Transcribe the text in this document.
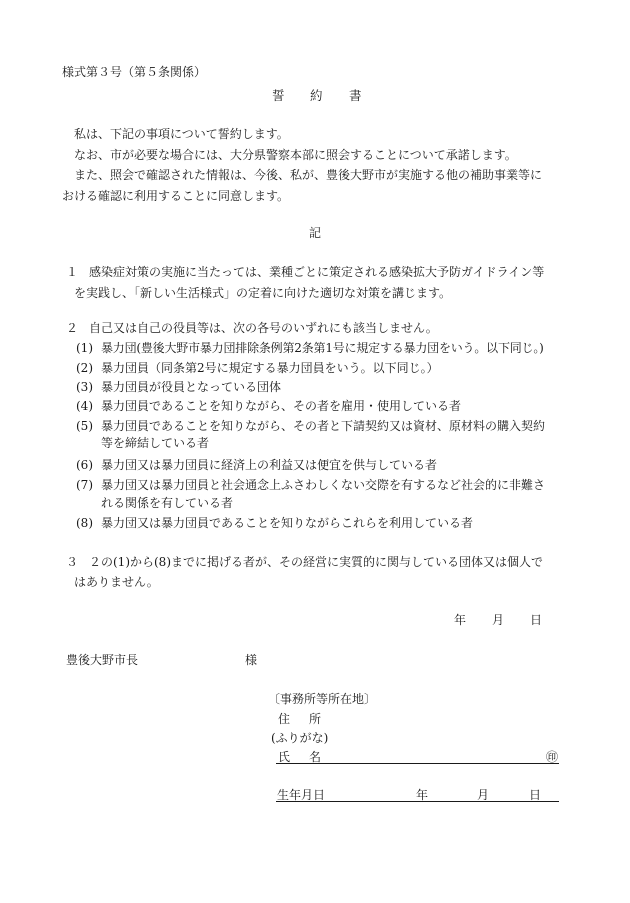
様式第３号（第５条関係）
誓 約 書
私は、下記の事項について誓約します。
なお、市が必要な場合には、大分県警察本部に照会することについて承諾します。
また、照会で確認された情報は、今後、私が、豊後大野市が実施する他の補助事業等に
おける確認に利用することに同意します。
記
１ 感染症対策の実施に当たっては、業種ごとに策定される感染拡大予防ガイドライン等
を実践し、「新しい生活様式」の定着に向けた適切な対策を講じます。
２ 自己又は自己の役員等は、次の各号のいずれにも該当しません。
(1) 暴力団(豊後大野市暴力団排除条例第2条第1号に規定する暴力団をいう。以下同じ。)
(2) 暴力団員（同条第2号に規定する暴力団員をいう。以下同じ。）
(3) 暴力団員が役員となっている団体
(4) 暴力団員であることを知りながら、その者を雇用・使用している者
(5) 暴力団員であることを知りながら、その者と下請契約又は資材、原材料の購入契約
等を締結している者
(6) 暴力団又は暴力団員に経済上の利益又は便宜を供与している者
(7) 暴力団又は暴力団員と社会通念上ふさわしくない交際を有するなど社会的に非難さ
れる関係を有している者
(8) 暴力団又は暴力団員であることを知りながらこれらを利用している者
３ ２の(1)から(8)までに掲げる者が、その経営に実質的に関与している団体又は個人で
はありません。
年 月 日
豊後大野市長	様
〔事務所等所在地〕
住 所
(ふりがな)
氏 名	㊞
生年月日	年	月	日
